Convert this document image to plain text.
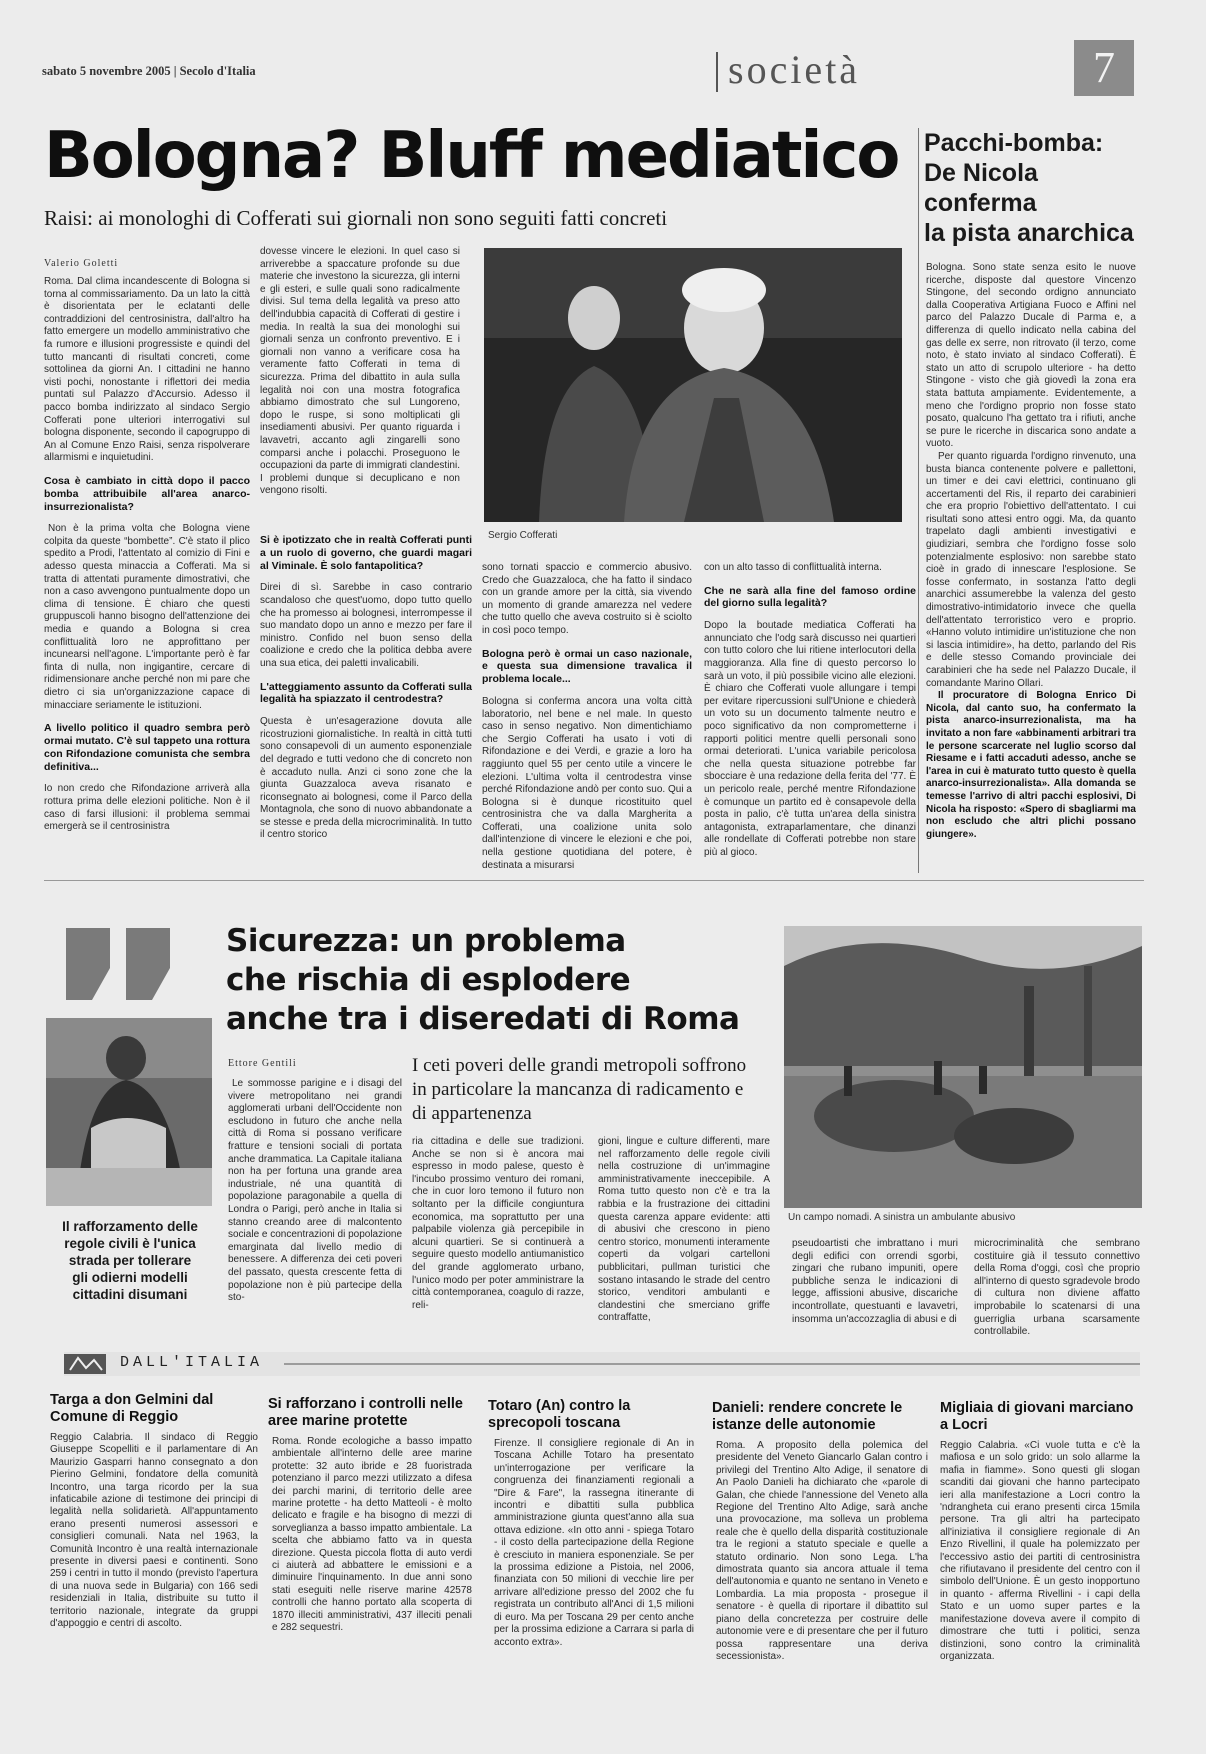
sabato 5 novembre 2005 | Secolo d'Italia	società	7
Bologna? Bluff mediatico
Raisi: ai monologhi di Cofferati sui giornali non sono seguiti fatti concreti
Valerio Goletti

Roma. Dal clima incandescente di Bologna si torna al commissariamento. Da un lato la città è disorientata per le eclatanti delle contraddizioni del centrosinistra, dall'altro ha fatto emergere un modello amministrativo che fa rumore e illusioni progressiste e quindi del tutto mancanti di risultati concreti, come sottolinea da giorni An. I cittadini ne hanno visti pochi, nonostante i riflettori dei media puntati sul Palazzo d'Accursio. Adesso il pacco bomba indirizzato al sindaco Sergio Cofferati pone ulteriori interrogativi sul bologna disponente, secondo il capogruppo di An al Comune Enzo Raisi, senza rispolverare allarmismi e inquietudini.

Cosa è cambiato in città dopo il pacco bomba attribuibile all'area anarco-insurrezionalista?

Non è la prima volta che Bologna viene colpita da queste “bombette”. C'è stato il plico spedito a Prodi, l'attentato al comizio di Fini e adesso questa minaccia a Cofferati. Ma si tratta di attentati puramente dimostrativi, che non a caso avvengono puntualmente dopo un clima di tensione. È chiaro che questi gruppuscoli hanno bisogno dell'attenzione dei media e quando a Bologna si crea conflittualità loro ne approfittano per incunearsi nell'agone. L'importante però è far finta di nulla, non ingigantire, cercare di ridimensionare anche perché non mi pare che dietro ci sia un'organizzazione capace di minacciare seriamente le istituzioni.

A livello politico il quadro sembra però ormai mutato. C'è sul tappeto una rottura con Rifondazione comunista che sembra definitiva...

Io non credo che Rifondazione arriverà alla rottura prima delle elezioni politiche. Non è il caso di farsi illusioni: il problema semmai emergerà se il centrosinistra

dovesse vincere le elezioni. In quel caso si arriverebbe a spaccature profonde su due materie che investono la sicurezza, gli interni e gli esteri, e sulle quali sono radicalmente divisi. Sul tema della legalità va preso atto dell'indubbia capacità di Cofferati di gestire i media. In realtà la sua dei monologhi sui giornali senza un confronto preventivo. E i giornali non vanno a verificare cosa ha veramente fatto Cofferati in tema di sicurezza. Prima del dibattito in aula sulla legalità noi con una mostra fotografica abbiamo dimostrato che sul Lungoreno, dopo le ruspe, si sono moltiplicati gli insediamenti abusivi. Per quanto riguarda i lavavetri, accanto agli zingarelli sono comparsi anche i polacchi. Proseguono le occupazioni da parte di immigrati clandestini. I problemi dunque si decuplicano e non vengono risolti.

Sergio Cofferati

Si è ipotizzato che in realtà Cofferati punti a un ruolo di governo, che guardi magari al Viminale. È solo fantapolitica?

Direi di sì. Sarebbe in caso contrario scandaloso che quest'uomo, dopo tutto quello che ha promesso ai bolognesi, interrompesse il suo mandato dopo un anno e mezzo per fare il ministro. Confido nel buon senso della coalizione e credo che la politica debba avere una sua etica, dei paletti invalicabili.

L'atteggiamento assunto da Cofferati sulla legalità ha spiazzato il centrodestra?

Questa è un'esagerazione dovuta alle ricostruzioni giornalistiche. In realtà in città tutti sono consapevoli di un aumento esponenziale del degrado e tutti vedono che di concreto non è accaduto nulla. Anzi ci sono zone che la giunta Guazzaloca aveva risanato e riconsegnato ai bolognesi, come il Parco della Montagnola, che sono di nuovo abbandonate a se stesse e preda della microcriminalità. In tutto il centro storico

sono tornati spaccio e commercio abusivo. Credo che Guazzaloca, che ha fatto il sindaco con un grande amore per la città, sia vivendo un momento di grande amarezza nel vedere che tutto quello che aveva costruito si è sciolto in così poco tempo.

Bologna però è ormai un caso nazionale, e questa sua dimensione travalica il problema locale...

Bologna si conferma ancora una volta città laboratorio, nel bene e nel male. In questo caso in senso negativo. Non dimentichiamo che Sergio Cofferati ha usato i voti di Rifondazione e dei Verdi, e grazie a loro ha raggiunto quel 55 per cento utile a vincere le elezioni. L'ultima volta il centrodestra vinse perché Rifondazione andò per conto suo. Qui a Bologna si è dunque ricostituito quel centrosinistra che va dalla Margherita a Cofferati, una coalizione unita solo dall'intenzione di vincere le elezioni e che poi, nella gestione quotidiana del potere, è destinata a misurarsi

con un alto tasso di conflittualità interna.

Che ne sarà alla fine del famoso ordine del giorno sulla legalità?

Dopo la boutade mediatica Cofferati ha annunciato che l'odg sarà discusso nei quartieri con tutto coloro che lui ritiene interlocutori della maggioranza. Alla fine di questo percorso lo sarà un voto, il più possibile vicino alle elezioni. È chiaro che Cofferati vuole allungare i tempi per evitare ripercussioni sull'Unione e chiederà un voto su un documento talmente neutro e poco significativo da non comprometterne i rapporti politici mentre quelli personali sono ormai deteriorati. L'unica variabile pericolosa che nella questa situazione potrebbe far sbocciare è una redazione della ferita del '77. È un pericolo reale, perché mentre Rifondazione è comunque un partito ed è consapevole della posta in palio, c'è tutta un'area della sinistra antagonista, extraparlamentare, che dinanzi alle rondellate di Cofferati potrebbe non stare più al gioco.

Pacchi-bomba:
De Nicola
conferma
la pista anarchica

Bologna. Sono state senza esito le nuove ricerche, disposte dal questore Vincenzo Stingone, del secondo ordigno annunciato dalla Cooperativa Artigiana Fuoco e Affini nel parco del Palazzo Ducale di Parma e, a differenza di quello indicato nella cabina del gas delle ex serre, non ritrovato (il terzo, come noto, è stato inviato al sindaco Cofferati). È stato un atto di scrupolo ulteriore - ha detto Stingone - visto che già giovedì la zona era stata battuta ampiamente. Evidentemente, a meno che l'ordigno proprio non fosse stato posato, qualcuno l'ha gettato tra i rifiuti, anche se pure le ricerche in discarica sono andate a vuoto.

Per quanto riguarda l'ordigno rinvenuto, una busta bianca contenente polvere e pallettoni, un timer e dei cavi elettrici, continuano gli accertamenti del Ris, il reparto dei carabinieri che era proprio l'obiettivo dell'attentato. I cui risultati sono attesi entro oggi. Ma, da quanto trapelato dagli ambienti investigativi e giudiziari, sembra che l'ordigno fosse solo potenzialmente esplosivo: non sarebbe stato cioè in grado di innescare l'esplosione. Se fosse confermato, in sostanza l'atto degli anarchici assumerebbe la valenza del gesto dimostrativo-intimidatorio invece che quella dell'attentato terroristico vero e proprio. «Hanno voluto intimidire un'istituzione che non si lascia intimidire», ha detto, parlando del Ris e delle stesso Comando provinciale dei carabinieri che ha sede nel Palazzo Ducale, il comandante Marino Ollari.

Il procuratore di Bologna Enrico Di Nicola, dal canto suo, ha confermato la pista anarco-insurrezionalista, ma ha invitato a non fare «abbinamenti arbitrari tra le persone scarcerate nel luglio scorso dal Riesame e i fatti accaduti adesso, anche se l'area in cui è maturato tutto questo è quella anarco-insurrezionalista». Alla domanda se temesse l'arrivo di altri pacchi esplosivi, Di Nicola ha risposto: «Spero di sbagliarmi ma non escludo che altri plichi possano giungere».

Il rafforzamento delle regole civili è l'unica strada per tollerare gli odierni modelli cittadini disumani
Sicurezza: un problema
che rischia di esplodere
anche tra i diseredati di Roma
Ettore Gentili	I ceti poveri delle grandi metropoli soffrono in particolare la mancanza di radicamento e di appartenenza

Le sommosse parigine e i disagi del vivere metropolitano nei grandi agglomerati urbani dell'Occidente non escludono in futuro che anche nella città di Roma si possano verificare fratture e tensioni sociali di portata anche drammatica. La Capitale italiana non ha per fortuna una grande area industriale, né una quantità di popolazione paragonabile a quella di Londra o Parigi, però anche in Italia si stanno creando aree di malcontento sociale e concentrazioni di popolazione emarginata dal livello medio di benessere. A differenza dei ceti poveri del passato, questa crescente fetta di popolazione non è più partecipe della sto-

ria cittadina e delle sue tradizioni. Anche se non si è ancora mai espresso in modo palese, questo è l'incubo prossimo venturo dei romani, che in cuor loro temono il futuro non soltanto per la difficile congiuntura economica, ma soprattutto per una palpabile violenza già percepibile in alcuni quartieri. Se si continuerà a seguire questo modello antiumanistico del grande agglomerato urbano, l'unico modo per poter amministrare la città contemporanea, coagulo di razze, reli-

gioni, lingue e culture differenti, mare nel rafforzamento delle regole civili nella costruzione di un'immagine amministrativamente ineccepibile. A Roma tutto questo non c'è e tra la rabbia e la frustrazione dei cittadini questa carenza appare evidente: atti di abusivi che crescono in pieno centro storico, monumenti interamente coperti da volgari cartelloni pubblicitari, pullman turistici che sostano intasando le strade del centro storico, venditori ambulanti e clandestini che smerciano griffe contraffatte,

Un campo nomadi. A sinistra un ambulante abusivo

pseudoartisti che imbrattano i muri degli edifici con orrendi sgorbi, zingari che rubano impuniti, opere pubbliche senza le indicazioni di legge, affissioni abusive, discariche incontrollate, questuanti e lavavetri, insomma un'accozzaglia di abusi e di

microcriminalità che sembrano costituire già il tessuto connettivo della Roma d'oggi, così che proprio all'interno di questo sgradevole brodo di cultura non diviene affatto improbabile lo scatenarsi di una guerriglia urbana scarsamente controllabile.

DALL'ITALIA
Targa a don Gelmini dal Comune di Reggio
Reggio Calabria. Il sindaco di Reggio Giuseppe Scopelliti e il parlamentare di An Maurizio Gasparri hanno consegnato a don Pierino Gelmini, fondatore della comunità Incontro, una targa ricordo per la sua infaticabile azione di testimone dei principi di legalità nella solidarietà. All'appuntamento erano presenti numerosi assessori e consiglieri comunali. Nata nel 1963, la Comunità Incontro è una realtà internazionale presente in diversi paesi e continenti. Sono 259 i centri in tutto il mondo (previsto l'apertura di una nuova sede in Bulgaria) con 166 sedi residenziali in Italia, distribuite su tutto il territorio nazionale, integrate da gruppi d'appoggio e centri di ascolto.
Si rafforzano i controlli nelle aree marine protette
Roma. Ronde ecologiche a basso impatto ambientale all'interno delle aree marine protette: 32 auto ibride e 28 fuoristrada potenziano il parco mezzi utilizzato a difesa dei parchi marini, di territorio delle aree marine protette - ha detto Matteoli - è molto delicato e fragile e ha bisogno di mezzi di sorveglianza a basso impatto ambientale. La scelta che abbiamo fatto va in questa direzione. Questa piccola flotta di auto verdi ci aiuterà ad abbattere le emissioni e a diminuire l'inquinamento. In due anni sono stati eseguiti nelle riserve marine 42578 controlli che hanno portato alla scoperta di 1870 illeciti amministrativi, 437 illeciti penali e 282 sequestri.
Totaro (An) contro la sprecopoli toscana
Firenze. Il consigliere regionale di An in Toscana Achille Totaro ha presentato un'interrogazione per verificare la congruenza dei finanziamenti regionali a "Dire & Fare", la rassegna itinerante di incontri e dibattiti sulla pubblica amministrazione giunta quest'anno alla sua ottava edizione. «In otto anni - spiega Totaro - il costo della partecipazione della Regione è cresciuto in maniera esponenziale. Se per la prossima edizione a Pistoia, nel 2006, finanziata con 50 milioni di vecchie lire per arrivare all'edizione presso del 2002 che fu registrata un contributo all'Anci di 1,5 milioni di euro. Ma per Toscana 29 per cento anche per la prossima edizione a Carrara si parla di acconto extra».
Danieli: rendere concrete le istanze delle autonomie
Roma. A proposito della polemica del presidente del Veneto Giancarlo Galan contro i privilegi del Trentino Alto Adige, il senatore di An Paolo Danieli ha dichiarato che «parole di Galan, che chiede l'annessione del Veneto alla Regione del Trentino Alto Adige, sarà anche una provocazione, ma solleva un problema reale che è quello della disparità costituzionale tra le regioni a statuto speciale e quelle a statuto ordinario. Non sono Lega. L'ha dimostrata quanto sia ancora attuale il tema dell'autonomia e quanto ne sentano in Veneto e Lombardia. La mia proposta - prosegue il senatore - è quella di riportare il dibattito sul piano della concretezza per costruire delle autonomie vere e di presentare che per il futuro possa rappresentare una deriva secessionista».
Migliaia di giovani marciano a Locri
Reggio Calabria. «Ci vuole tutta e c'è la mafiosa e un solo grido: un solo allarme la mafia in fiamme». Sono questi gli slogan scanditi dai giovani che hanno partecipato ieri alla manifestazione a Locri contro la 'ndrangheta cui erano presenti circa 15mila persone. Tra gli altri ha partecipato all'iniziativa il consigliere regionale di An Enzo Rivellini, il quale ha polemizzato per l'eccessivo astio dei partiti di centrosinistra che rifiutavano il presidente del centro con il simbolo dell'Unione. È un gesto inopportuno in quanto - afferma Rivellini - i capi della Stato e un uomo super partes e la manifestazione doveva avere il compito di dimostrare che tutti i politici, senza distinzioni, sono contro la criminalità organizzata.
